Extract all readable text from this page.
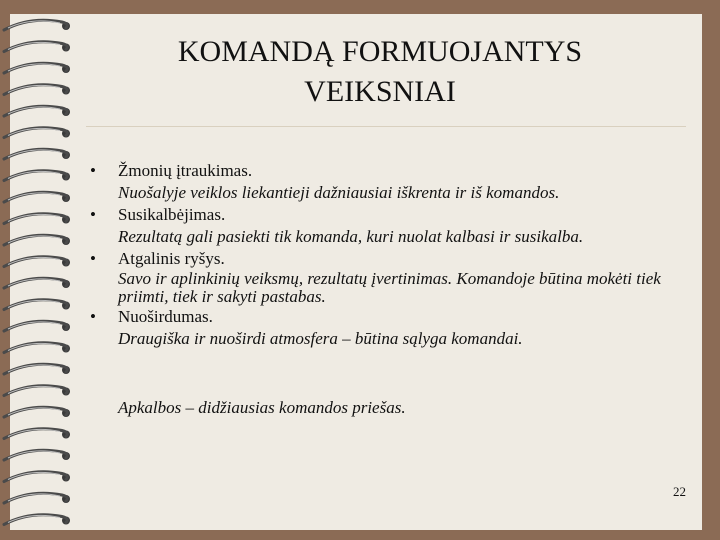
KOMANDĄ FORMUOJANTYS
VEIKSNIAI
• Žmonių įtraukimas.
Nuošalyje veiklos liekantieji dažniausiai iškrenta ir iš komandos.
• Susikalbėjimas.
Rezultatą gali pasiekti tik komanda, kuri nuolat kalbasi ir susikalba.
• Atgalinis ryšys.
Savo ir aplinkinių veiksmų, rezultatų įvertinimas. Komandoje būtina mokėti tiek priimti, tiek ir sakyti pastabas.
• Nuoširdumas.
Draugiška ir nuoširdi atmosfera – būtina sąlyga komandai.
Apkalbos – didžiausias komandos priešas.
22
